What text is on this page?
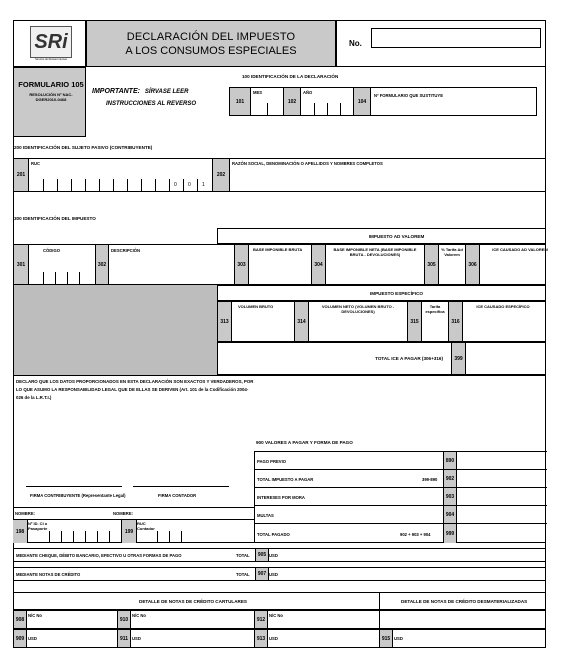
SRi
Servicio de Rentas Internas
DECLARACIÓN DEL IMPUESTO
A LOS CONSUMOS ESPECIALES
No.
FORMULARIO 105
RESOLUCIÓN Nº NAC-DGER2010-0468
IMPORTANTE: SÍRVASE LEER
INSTRUCCIONES AL REVERSO
100 IDENTIFICACIÓN DE LA DECLARACIÓN
101
MES
102
AÑO
104
Nº FORMULARIO QUE SUSTITUYE
200 IDENTIFICACIÓN DEL SUJETO PASIVO (CONTRIBUYENTE)
201
RUC
0 0 1
202
RAZÓN SOCIAL, DENOMINACIÓN O APELLIDOS Y NOMBRES COMPLETOS
300 IDENTIFICACIÓN DEL IMPUESTO
IMPUESTO AD VALOREM
301
CÓDIGO
302
DESCRIPCIÓN
303
BASE IMPONIBLE BRUTA
304
BASE IMPONIBLE NETA (BASE IMPONIBLE BRUTA - DEVOLUCIONES)
305
% Tarifa Ad Valorem
306
ICE CAUSADO AD VALOREM
IMPUESTO ESPECÍFICO
313
VOLUMEN BRUTO
314
VOLUMEN NETO (VOLUMEN BRUTO - DEVOLUCIONES)
315
Tarifa específica
316
ICE CAUSADO ESPECÍFICO
TOTAL ICE A PAGAR (306+316)	399
DECLARO QUE LOS DATOS PROPORCIONADOS EN ESTA DECLARACIÓN SON EXACTOS Y VERDADEROS, POR LO QUE ASUMO LA RESPONSABILIDAD LEGAL QUE DE ELLAS SE DERIVEN (Art. 101 de la Codificación 2004-026 de la L.R.T.I.)
FIRMA CONTRIBUYENTE (Representante Legal)	FIRMA CONTADOR
NOMBRE:	NOMBRE:
198
Nº ID. CI o Pasaporte
199
RUC Contador
900 VALORES A PAGAR Y FORMA DE PAGO
PAGO PREVIO	890
TOTAL IMPUESTO A PAGAR	399-890	902
INTERESES POR MORA	903
MULTAS	904
TOTAL PAGADO	902 + 903 + 904	999
MEDIANTE CHEQUE, DÉBITO BANCARIO, EFECTIVO U OTRAS FORMAS DE PAGO	TOTAL	905 USD
MEDIANTE NOTAS DE CRÉDITO	TOTAL	907 USD
DETALLE DE NOTAS DE CRÉDITO CARTULARES	DETALLE DE NOTAS DE CRÉDITO DESMATERIALIZADAS
908
N/C No
910
N/C No
912
N/C No
909 USD	911 USD	913 USD	915 USD
